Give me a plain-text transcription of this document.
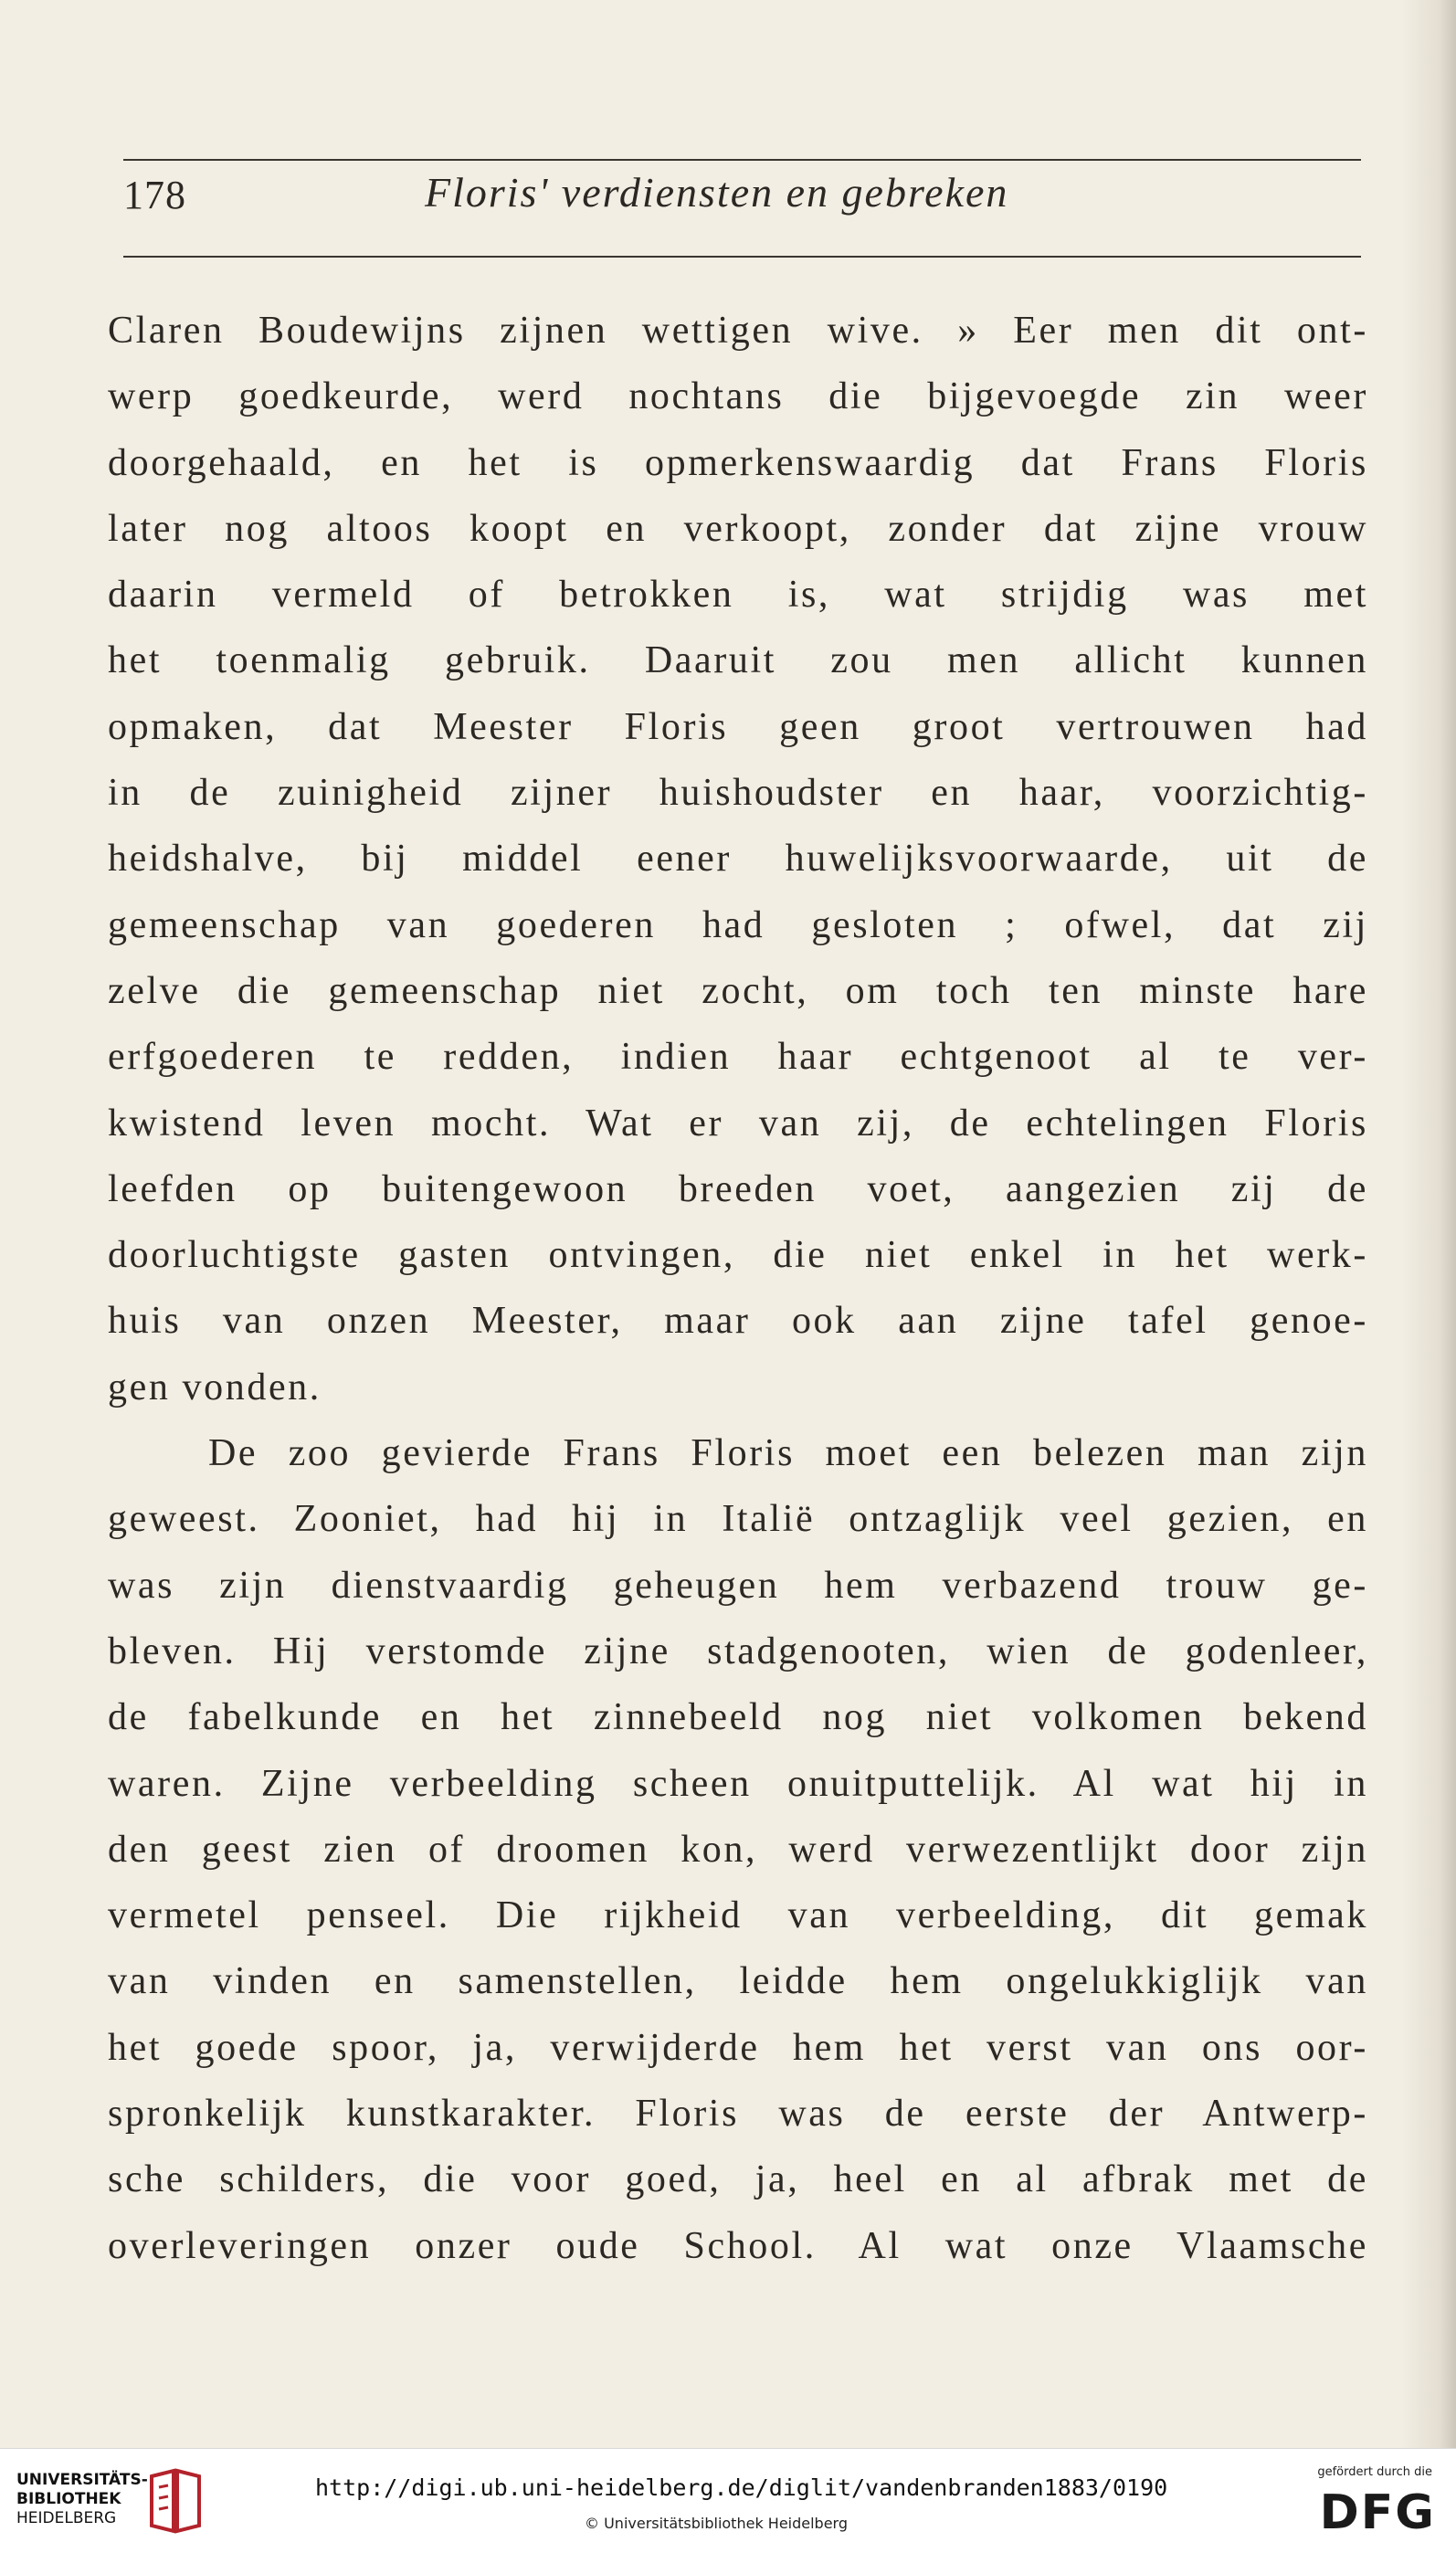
178	Floris' verdiensten en gebreken
Claren Boudewijns zijnen wettigen wive. » Eer men dit ont-
werp goedkeurde, werd nochtans die bijgevoegde zin weer
doorgehaald, en het is opmerkenswaardig dat Frans Floris
later nog altoos koopt en verkoopt, zonder dat zijne vrouw
daarin vermeld of betrokken is, wat strijdig was met
het toenmalig gebruik. Daaruit zou men allicht kunnen
opmaken, dat Meester Floris geen groot vertrouwen had
in de zuinigheid zijner huishoudster en haar, voorzichtig-
heidshalve, bij middel eener huwelijksvoorwaarde, uit de
gemeenschap van goederen had gesloten ; ofwel, dat zij
zelve die gemeenschap niet zocht, om toch ten minste hare
erfgoederen te redden, indien haar echtgenoot al te ver-
kwistend leven mocht. Wat er van zij, de echtelingen Floris
leefden op buitengewoon breeden voet, aangezien zij de
doorluchtigste gasten ontvingen, die niet enkel in het werk-
huis van onzen Meester, maar ook aan zijne tafel genoe-
gen vonden.
De zoo gevierde Frans Floris moet een belezen man zijn
geweest. Zooniet, had hij in Italië ontzaglijk veel gezien, en
was zijn dienstvaardig geheugen hem verbazend trouw ge-
bleven. Hij verstomde zijne stadgenooten, wien de godenleer,
de fabelkunde en het zinnebeeld nog niet volkomen bekend
waren. Zijne verbeelding scheen onuitputtelijk. Al wat hij in
den geest zien of droomen kon, werd verwezentlijkt door zijn
vermetel penseel. Die rijkheid van verbeelding, dit gemak
van vinden en samenstellen, leidde hem ongelukkiglijk van
het goede spoor, ja, verwijderde hem het verst van ons oor-
spronkelijk kunstkarakter. Floris was de eerste der Antwerp-
sche schilders, die voor goed, ja, heel en al afbrak met de
overleveringen onzer oude School. Al wat onze Vlaamsche
UNIVERSITÄTS-
BIBLIOTHEK
HEIDELBERG
http://digi.ub.uni-heidelberg.de/diglit/vandenbranden1883/0190
© Universitätsbibliothek Heidelberg
gefördert durch die
DFG
